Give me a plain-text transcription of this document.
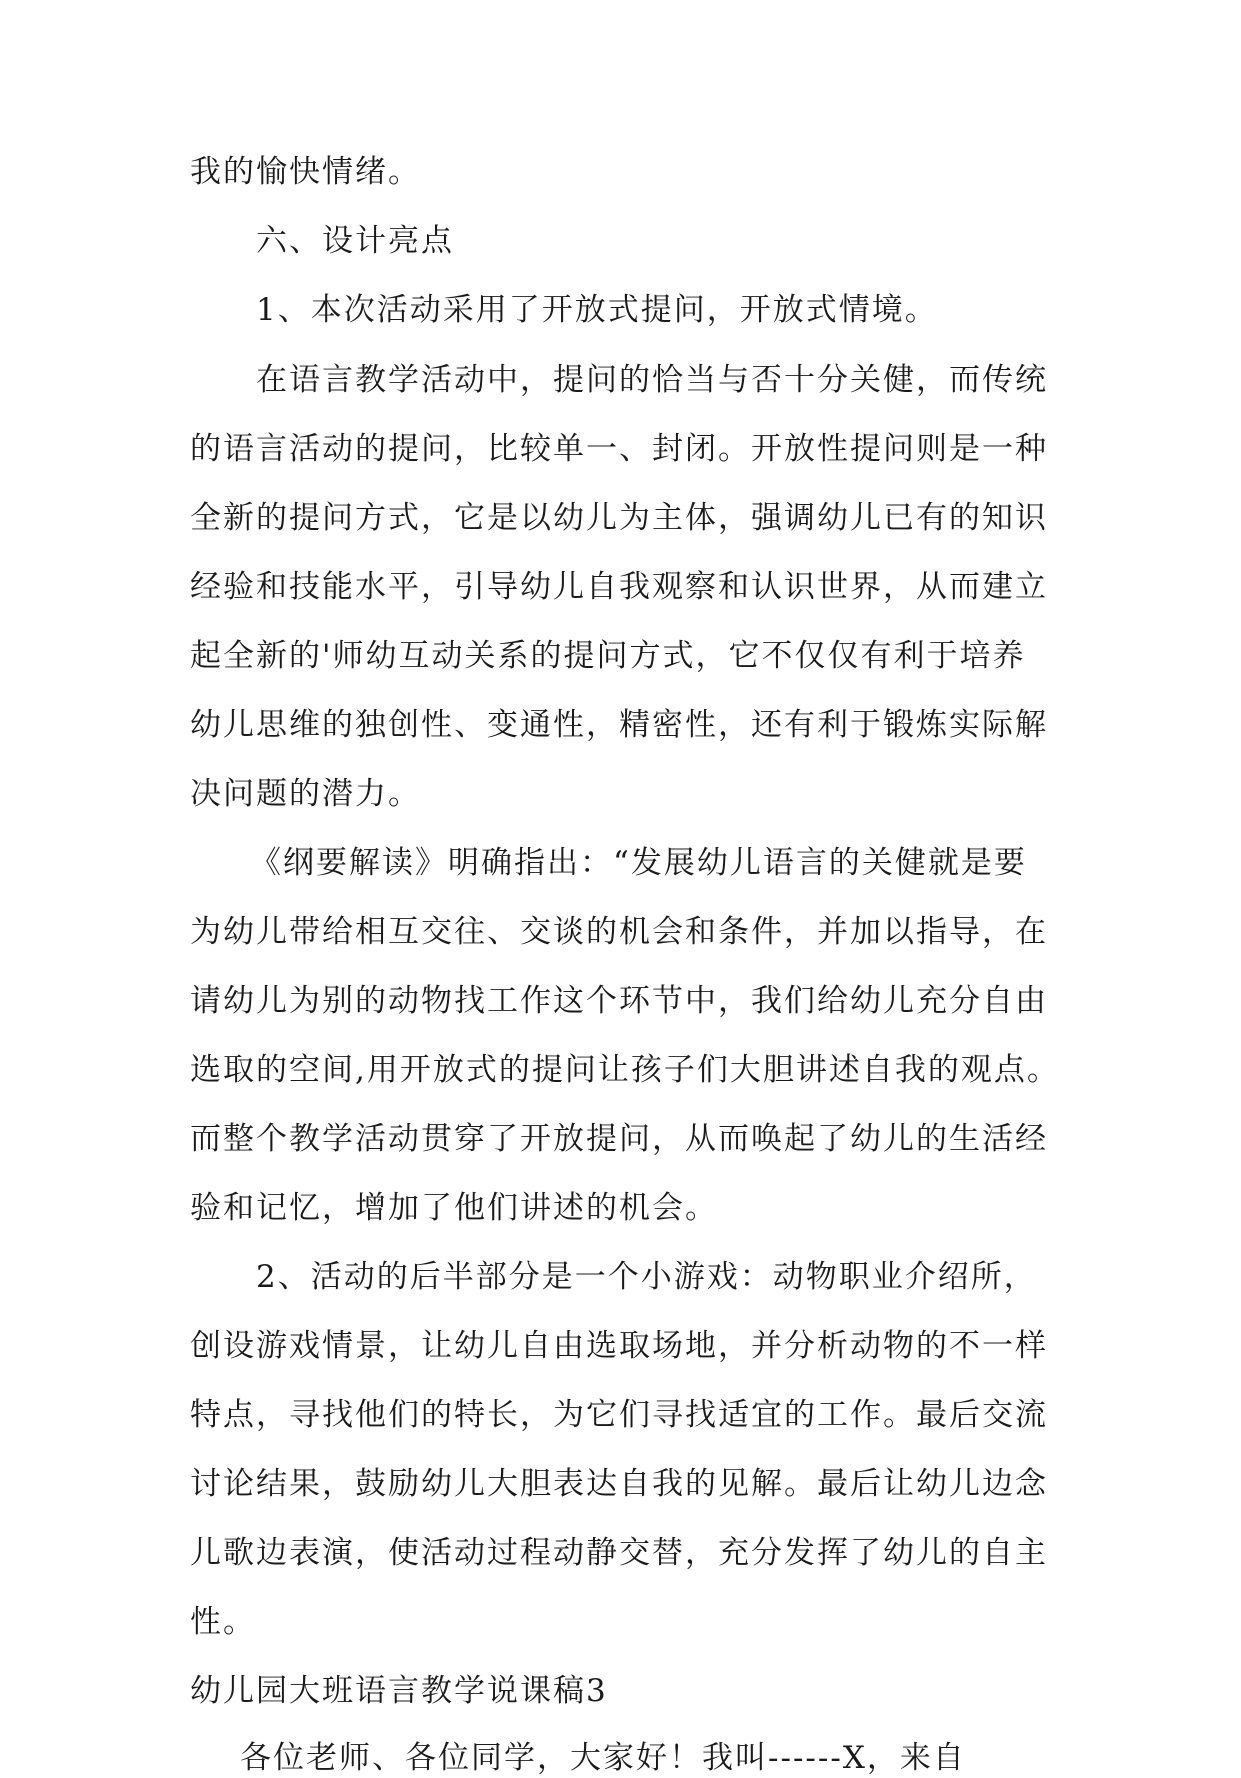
我的愉快情绪。
六、设计亮点
1、本次活动采用了开放式提问，开放式情境。
在语言教学活动中，提问的恰当与否十分关健，而传统
的语言活动的提问，比较单一、封闭。开放性提问则是一种
全新的提问方式，它是以幼儿为主体，强调幼儿已有的知识
经验和技能水平，引导幼儿自我观察和认识世界，从而建立
起全新的'师幼互动关系的提问方式，它不仅仅有利于培养
幼儿思维的独创性、变通性，精密性，还有利于锻炼实际解
决问题的潜力。
《纲要解读》明确指出：“发展幼儿语言的关健就是要
为幼儿带给相互交往、交谈的机会和条件，并加以指导，在
请幼儿为别的动物找工作这个环节中，我们给幼儿充分自由
选取的空间,用开放式的提问让孩子们大胆讲述自我的观点。
而整个教学活动贯穿了开放提问，从而唤起了幼儿的生活经
验和记忆，增加了他们讲述的机会。
2、活动的后半部分是一个小游戏：动物职业介绍所，
创设游戏情景，让幼儿自由选取场地，并分析动物的不一样
特点，寻找他们的特长，为它们寻找适宜的工作。最后交流
讨论结果，鼓励幼儿大胆表达自我的见解。最后让幼儿边念
儿歌边表演，使活动过程动静交替，充分发挥了幼儿的自主
性。
幼儿园大班语言教学说课稿3
各位老师、各位同学，大家好！我叫------X，来自
